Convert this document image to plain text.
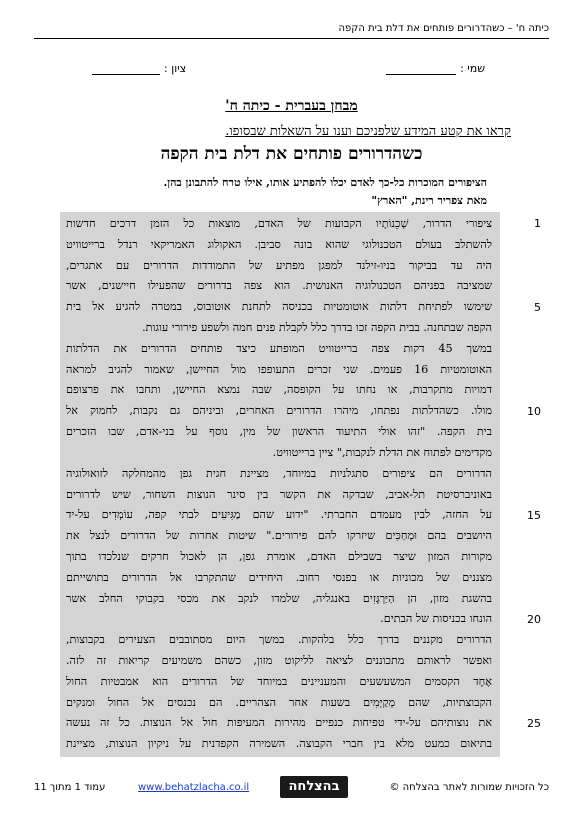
כיתה ח' – כשהדרורים פותחים את דלת בית הקפה
שמי :
ציון :
מבחן בעברית - כיתה ח'
קראו את קטע המידע שלפניכם וענו על השאלות שבסופו.
כשהדרורים פותחים את דלת בית הקפה
הציפורים המוכרות כל-כך לאדם יכלו להפתיע אותו, אילו טרח להתבונן בהן.
מאת צפריר רינת, "הארץ"
ציפורי הדרור, שְׁכֵנוֹתָיו הקבועות של האדם, מוצאות כל הזמן דרכים חדשות
להשתלב בעולם הטכנולוגי שהוא בונה סביבן. האקולוג האמריקאי רנדל ברייטוויט
היה עד בביקור בניו-זילנד למפגן מפתיע של התמודדות הדרורים עם אתגרים,
שמציבה בפניהם הטכנולוגיה האנושית. הוא צפה בדרורים שהפעילו חיישנים, אשר
שימשו לפתיחת דלתות אוטומטיות בכניסה לתחנת אוטובוס, במטרה להגיע אל בית
הקפה שבתחנה. בבית הקפה זכו בדרך כלל לקבלת פנים חמה ולשפע פירורי עוגות.
במשך 45 דקות צפה ברייטוויט המופתע כיצד פותחים הדרורים את הדלתות
האוטומטיות 16 פעמים. שני זכרים התעופפו מול החיישן, שאמור להגיב למראה
דמויות מתקרבות, או נחתו על הקופסה, שבה נמצא החיישן, ותחבו את פרצופם
מולו. כשהדלתות נפתחו, מיהרו הדרורים האחרים, וביניהם גם נקבות, לחמוק אל
בית הקפה. "זהו אולי התיעוד הראשון של מין, נוסף על בני-אדם, שבו הזכרים
מקדימים לפתוח את הדלת לנקבות," ציין ברייטוויט.
הדרורים הם ציפורים סתגלניות במיוחד, מציינת חגית גפן מהמחלקה לזואולוגיה
באוניברסיטת תל-אביב, שבדקה את הקשר בין סינר הנוצות השחור, שיש לדרורים
על החזה, לבין מעמדם החברתי. "ידוע שהם מַגִּיעִים לבתי קפה, עוֹמְדִים על-יד
היושבים בהם וּמְחַכִּים שיזרקו להם פירורים." שיטות אחרות של הדרורים לנצל את
מקורות המזון שיצר בשבילם האדם, אומרת גפן, הן לאכול חרקים שנלכדו בתוך
מצננים של מכוניות או בפנסי רחוב. היחידים שהתקרבו אל הדרורים בתושייתם
בהשגת מזון, הן הַיַּרְגָּזִים באנגליה, שלמדו לנקב את מכסי בקבוקי החלב אשר
הונחו בכניסות של הבתים.
הדרורים מקננים בדרך כלל בלהקות. במשך היום מסתובבים הצעירים בקבוצות,
ואפשר לראותם מתכוננים לציאה לליקוט מזון, כשהם משמיעים קריאות זה לזה.
אֶחָד הקסמים המשעשעים והמעניינים במיוחד של הדרורים הוא אמבטיות החול
הקבוצתיות, שהם מְקַיְּמִים בשעות אחר הצהריים. הם נכנסים אל החול ומנקים
את נוצותיהם על-ידי טפיחות כנפיים מהירות המעיפות חול אל הנוצות. כל זה נעשה
בתיאום כמעט מלא בין חברי הקבוצה. השמירה הקפדנית על ניקיון הנוצות, מציינת
1
5
10
15
20
25
כל הזכויות שמורות לאתר בהצלחה ©
בהצלחה
www.behatzlacha.co.il
עמוד 1 מתוך 11
